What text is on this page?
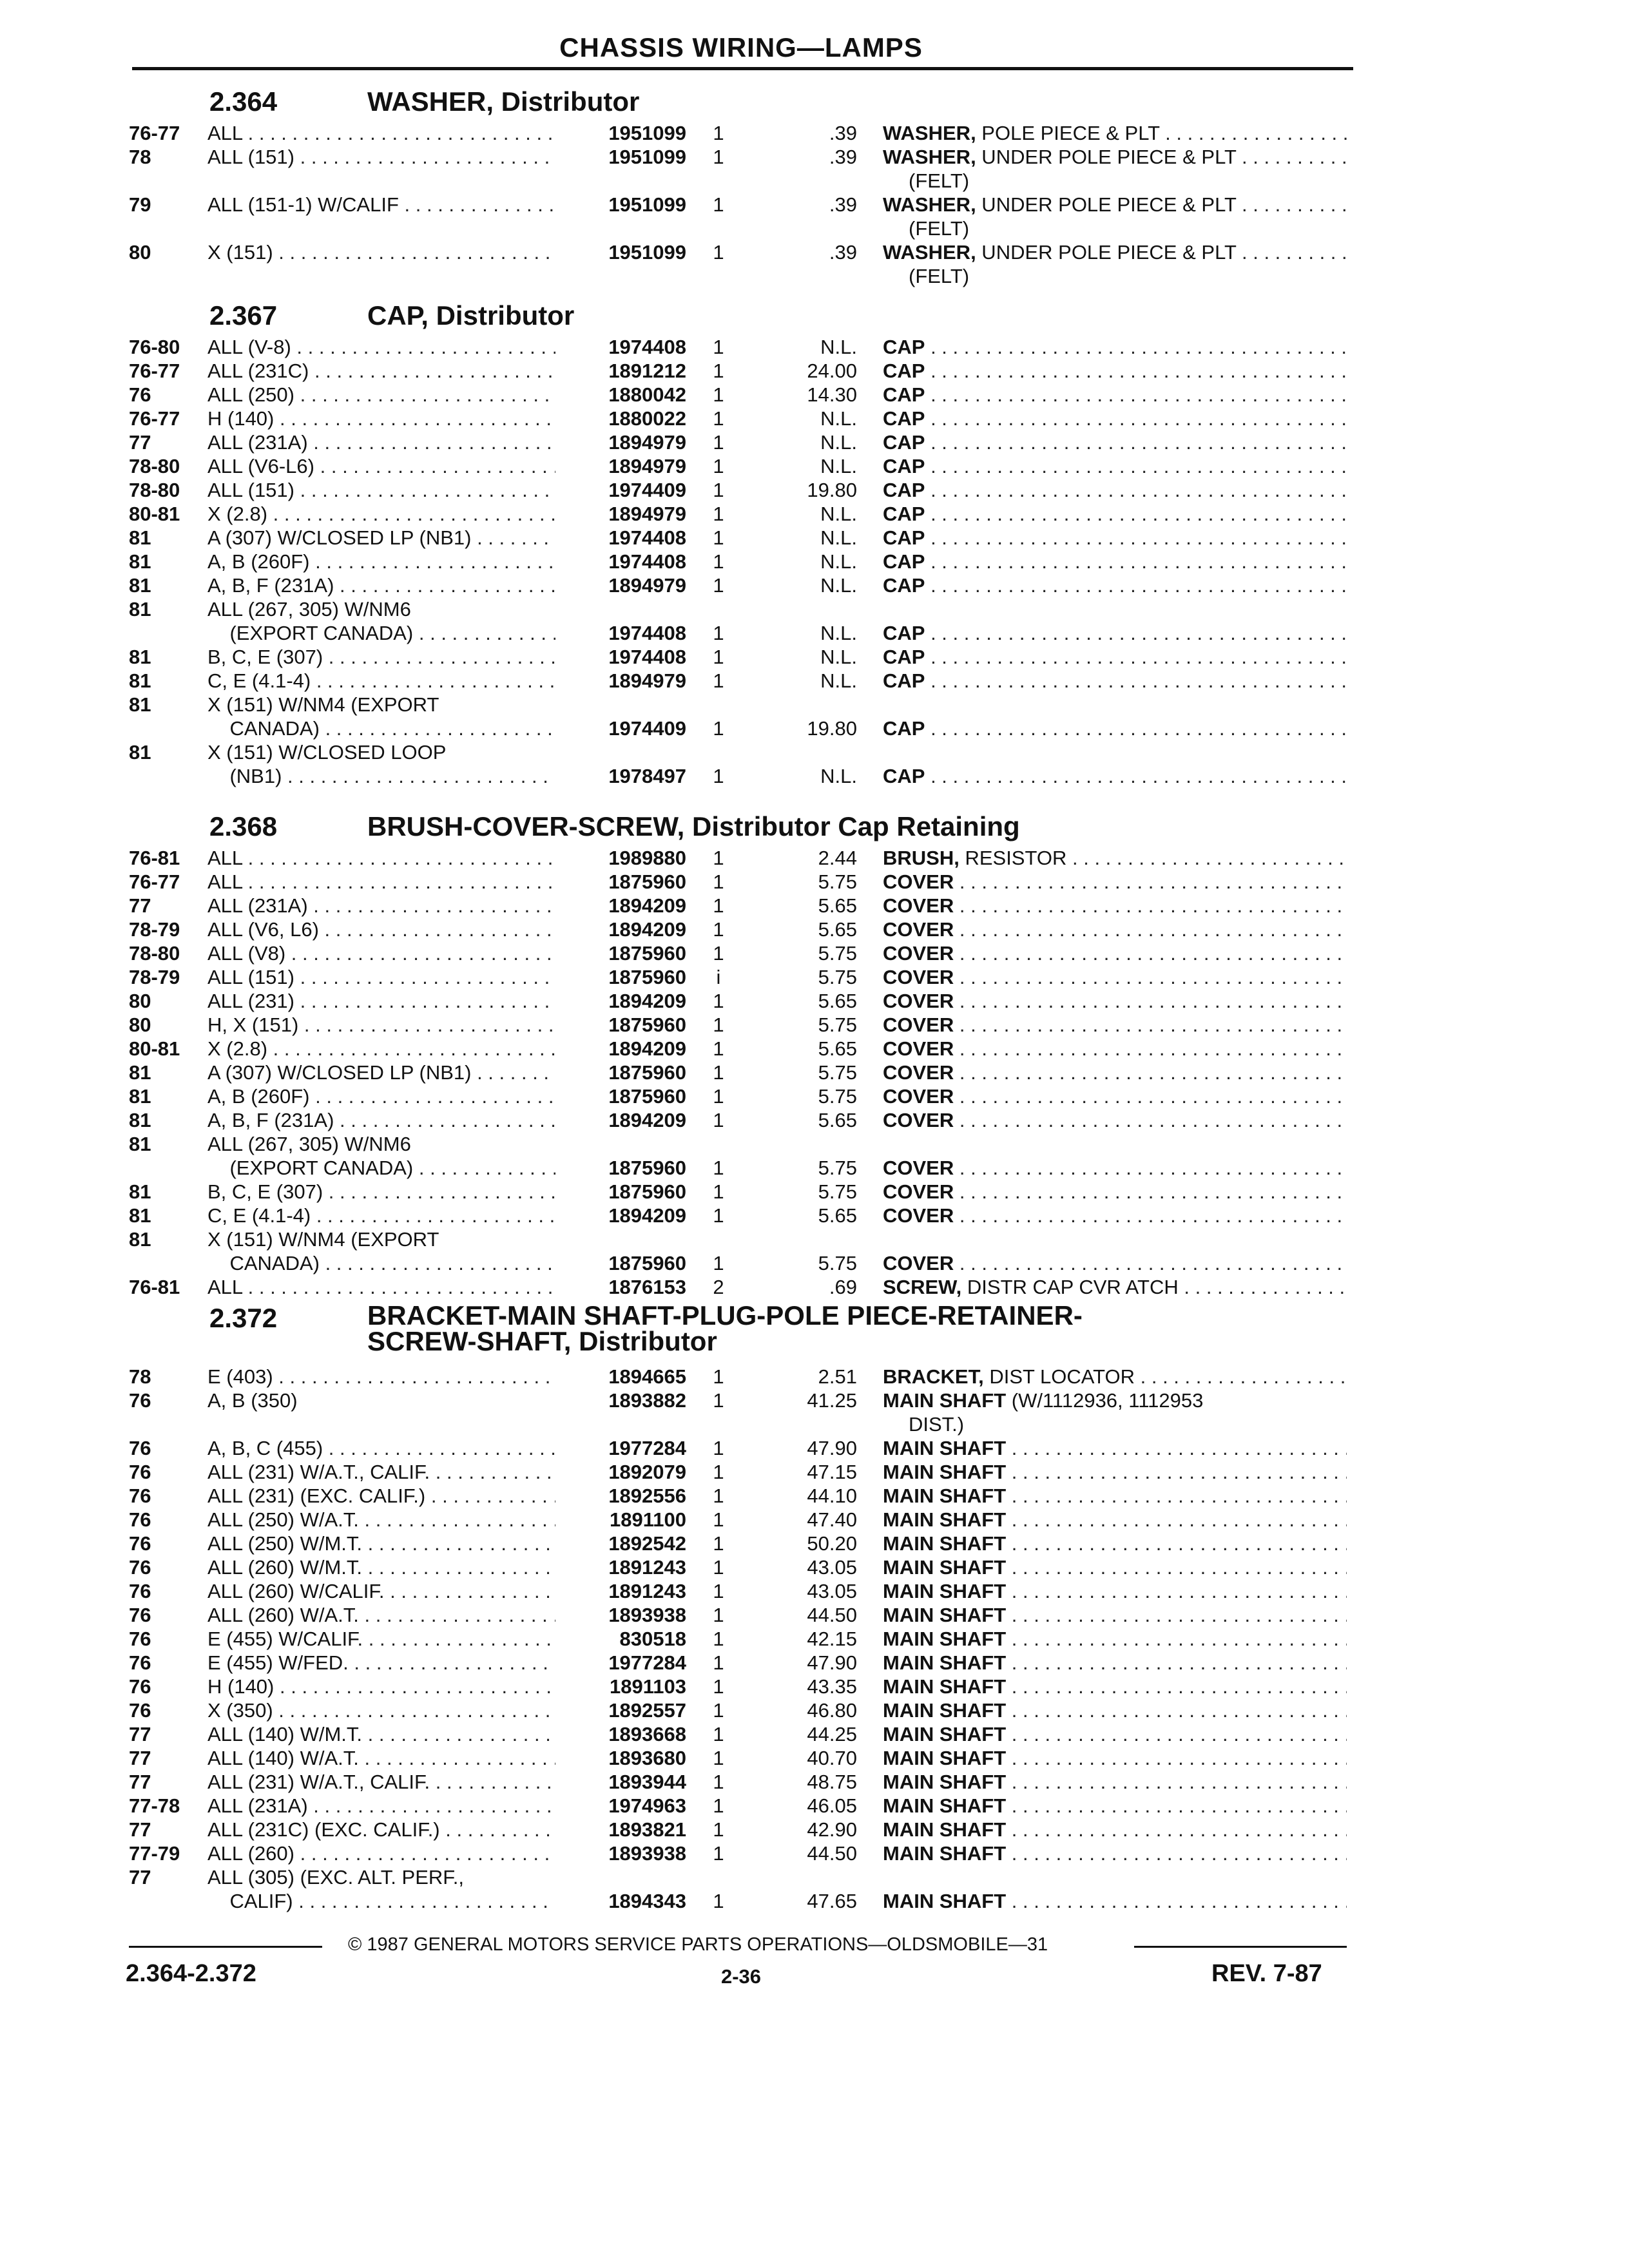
CHASSIS WIRING—LAMPS
2.364	WASHER, Distributor
76-77 ALL . . .	1951099 1	.39 WASHER, POLE PIECE & PLT . . .
78	ALL (151) . . .	1951099 1	.39 WASHER, UNDER POLE PIECE & PLT . . .
(FELT)
79	ALL (151-1) W/CALIF . . .	1951099 1	.39 WASHER, UNDER POLE PIECE & PLT . . .
(FELT)
80	X (151) . . .	1951099 1	.39 WASHER, UNDER POLE PIECE & PLT . . .
(FELT)
2.367	CAP, Distributor
76-80 ALL (V-8) . . .	1974408 1	N.L. CAP . . .
76-77 ALL (231C) . . .	1891212 1	24.00 CAP . . .
76	ALL (250) . . .	1880042 1	14.30 CAP . . .
76-77 H (140) . . .	1880022 1	N.L. CAP . . .
77	ALL (231A) . . .	1894979 1	N.L. CAP . . .
78-80 ALL (V6-L6) . . .	1894979 1	N.L. CAP . . .
78-80 ALL (151) . . .	1974409 1	19.80 CAP . . .
80-81 X (2.8) . . .	1894979 1	N.L. CAP . . .
81	A (307) W/CLOSED LP (NB1) . . .	1974408 1	N.L. CAP . . .
81	A, B (260F) . . .	1974408 1	N.L. CAP . . .
81	A, B, F (231A) . . .	1894979 1	N.L. CAP . . .
81	ALL (267, 305) W/NM6
(EXPORT CANADA) . . .	1974408 1	N.L. CAP . . .
81	B, C, E (307) . . .	1974408 1	N.L. CAP . . .
81	C, E (4.1-4) . . .	1894979 1	N.L. CAP . . .
81	X (151) W/NM4 (EXPORT
CANADA) . . .	1974409 1	19.80 CAP . . .
81	X (151) W/CLOSED LOOP
(NB1) . . .	1978497 1	N.L. CAP . . .
2.368	BRUSH-COVER-SCREW, Distributor Cap Retaining
76-81 ALL . . .	1989880 1	2.44 BRUSH, RESISTOR . . .
76-77 ALL . . .	1875960 1	5.75 COVER . . .
77	ALL (231A) . . .	1894209 1	5.65 COVER . . .
78-79 ALL (V6, L6) . . .	1894209 1	5.65 COVER . . .
78-80 ALL (V8) . . .	1875960 1	5.75 COVER . . .
78-79 ALL (151) . . .	1875960	i	5.75 COVER . . .
80	ALL (231) . . .	1894209 1	5.65 COVER . . .
80	H, X (151) . . .	1875960 1	5.75 COVER . . .
80-81 X (2.8) . . .	1894209 1	5.65 COVER . . .
81	A (307) W/CLOSED LP (NB1) . . .	1875960 1	5.75 COVER . . .
81	A, B (260F) . . .	1875960 1	5.75 COVER . . .
81	A, B, F (231A) . . .	1894209 1	5.65 COVER . . .
81	ALL (267, 305) W/NM6
(EXPORT CANADA) . . .	1875960 1	5.75 COVER . . .
81	B, C, E (307) . . .	1875960 1	5.75 COVER . . .
81	C, E (4.1-4) . . .	1894209 1	5.65 COVER . . .
81	X (151) W/NM4 (EXPORT
CANADA) . . .	1875960 1	5.75 COVER . . .
76-81 ALL . . .	1876153 2	.69 SCREW, DISTR CAP CVR ATCH . . .
2.372	BRACKET-MAIN SHAFT-PLUG-POLE PIECE-RETAINER-
SCREW-SHAFT, Distributor
78	E (403) . . .	1894665 1	2.51 BRACKET, DIST LOCATOR . . .
76	A, B (350)	1893882 1	41.25 MAIN SHAFT (W/1112936, 1112953
DIST.)
76	A, B, C (455) . . .	1977284 1	47.90 MAIN SHAFT . . .
76	ALL (231) W/A.T., CALIF. . . .	1892079 1	47.15 MAIN SHAFT . . .
76	ALL (231) (EXC. CALIF.) . . .	1892556 1	44.10 MAIN SHAFT . . .
76	ALL (250) W/A.T. . . .	1891100 1	47.40 MAIN SHAFT . . .
76	ALL (250) W/M.T. . . .	1892542 1	50.20 MAIN SHAFT . . .
76	ALL (260) W/M.T. . . .	1891243 1	43.05 MAIN SHAFT . . .
76	ALL (260) W/CALIF. . . .	1891243 1	43.05 MAIN SHAFT . . .
76	ALL (260) W/A.T. . . .	1893938 1	44.50 MAIN SHAFT . . .
76	E (455) W/CALIF. . . .	830518 1	42.15 MAIN SHAFT . . .
76	E (455) W/FED. . . .	1977284 1	47.90 MAIN SHAFT . . .
76	H (140) . . .	1891103 1	43.35 MAIN SHAFT . . .
76	X (350) . . .	1892557 1	46.80 MAIN SHAFT . . .
77	ALL (140) W/M.T. . . .	1893668 1	44.25 MAIN SHAFT . . .
77	ALL (140) W/A.T. . . .	1893680 1	40.70 MAIN SHAFT . . .
77	ALL (231) W/A.T., CALIF. . . .	1893944 1	48.75 MAIN SHAFT . . .
77-78 ALL (231A) . . .	1974963 1	46.05 MAIN SHAFT . . .
77	ALL (231C) (EXC. CALIF.) . . .	1893821 1	42.90 MAIN SHAFT . . .
77-79 ALL (260) . . .	1893938 1	44.50 MAIN SHAFT . . .
77	ALL (305) (EXC. ALT. PERF.,
CALIF) . . .	1894343 1	47.65 MAIN SHAFT . . .
© 1987 GENERAL MOTORS SERVICE PARTS OPERATIONS—OLDSMOBILE—31
2.364-2.372	2-36	REV. 7-87
